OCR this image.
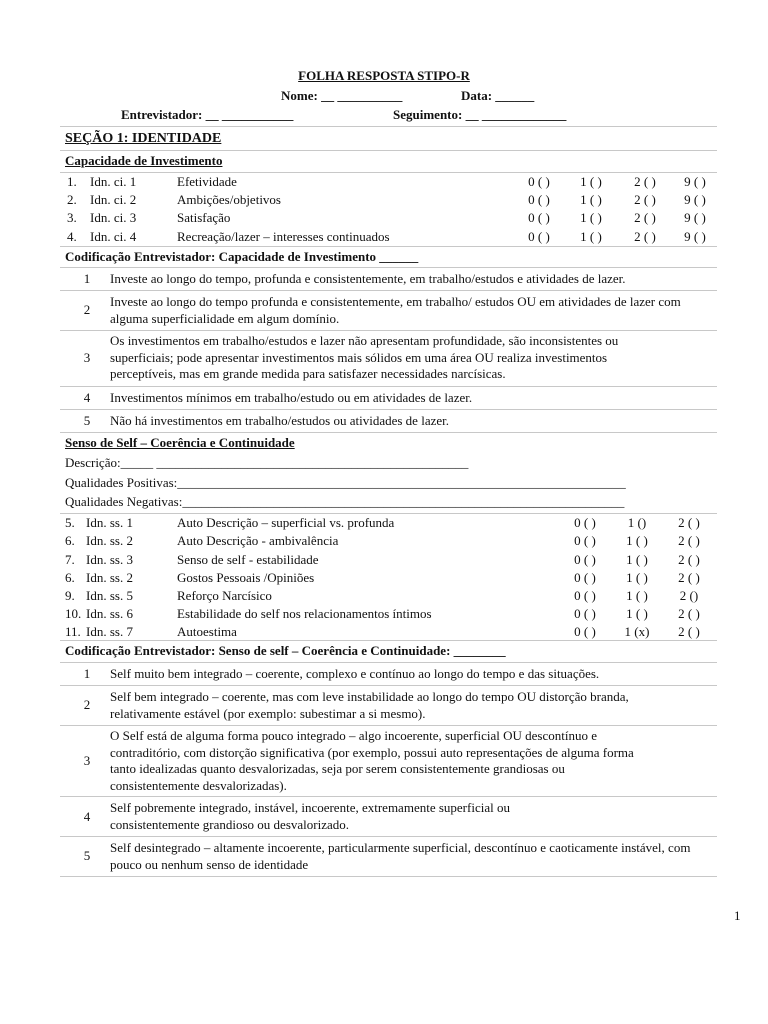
FOLHA RESPOSTA STIPO-R
Nome: __ __________	Data: ______
Entrevistador: __ ___________	Seguimento: __ _____________
SEÇÃO 1: IDENTIDADE
Capacidade de Investimento
1. Idn. ci. 1	Efetividade	0 ( )	1 ( )	2 ( )	9 ( )
2. Idn. ci. 2	Ambições/objetivos	0 ( )	1 ( )	2 ( )	9 ( )
3. Idn. ci. 3	Satisfação	0 ( )	1 ( )	2 ( )	9 ( )
4. Idn. ci. 4	Recreação/lazer – interesses continuados	0 ( )	1 ( )	2 ( )	9 ( )
Codificação Entrevistador: Capacidade de Investimento ______
1	Investe ao longo do tempo, profunda e consistentemente, em trabalho/estudos e atividades de lazer.
2
Investe ao longo do tempo profunda e consistentemente, em trabalho/ estudos OU em atividades de lazer com alguma superficialidade em algum domínio.
3
Os investimentos em trabalho/estudos e lazer não apresentam profundidade, são inconsistentes ou superficiais; pode apresentar investimentos mais sólidos em uma área OU realiza investimentos perceptíveis, mas em grande medida para satisfazer necessidades narcísicas.
4	Investimentos mínimos em trabalho/estudo ou em atividades de lazer.
5	Não há investimentos em trabalho/estudos ou atividades de lazer.
Senso de Self – Coerência e Continuidade
Descrição:_____ ________________________________________________
Qualidades Positivas:_____________________________________________________________________
Qualidades Negativas:____________________________________________________________________
5. Idn. ss. 1	Auto Descrição – superficial vs. profunda	0 ( )	1 ()	2 ( )
6. Idn. ss. 2	Auto Descrição - ambivalência	0 ( )	1 ( )	2 ( )
7. Idn. ss. 3	Senso de self - estabilidade	0 ( )	1 ( )	2 ( )
6. Idn. ss. 2	Gostos Pessoais /Opiniões	0 ( )	1 ( )	2 ( )
9. Idn. ss. 5	Reforço Narcísico	0 ( )	1 ( )	2 ()
10. Idn. ss. 6	Estabilidade do self nos relacionamentos íntimos	0 ( )	1 ( )	2 ( )
11. Idn. ss. 7	Autoestima	0 ( )	1 (x)	2 ( )
Codificação Entrevistador: Senso de self – Coerência e Continuidade: ________
1	Self muito bem integrado – coerente, complexo e contínuo ao longo do tempo e das situações.
2
Self bem integrado – coerente, mas com leve instabilidade ao longo do tempo OU distorção branda, relativamente estável (por exemplo: subestimar a si mesmo).
3
O Self está de alguma forma pouco integrado – algo incoerente, superficial OU descontínuo e contraditório, com distorção significativa (por exemplo, possui auto representações de alguma forma tanto idealizadas quanto desvalorizadas, seja por serem consistentemente grandiosas ou consistentemente desvalorizadas).
4
Self pobremente integrado, instável, incoerente, extremamente superficial ou consistentemente grandioso ou desvalorizado.
5
Self desintegrado – altamente incoerente, particularmente superficial, descontínuo e caoticamente instável, com pouco ou nenhum senso de identidade
1
